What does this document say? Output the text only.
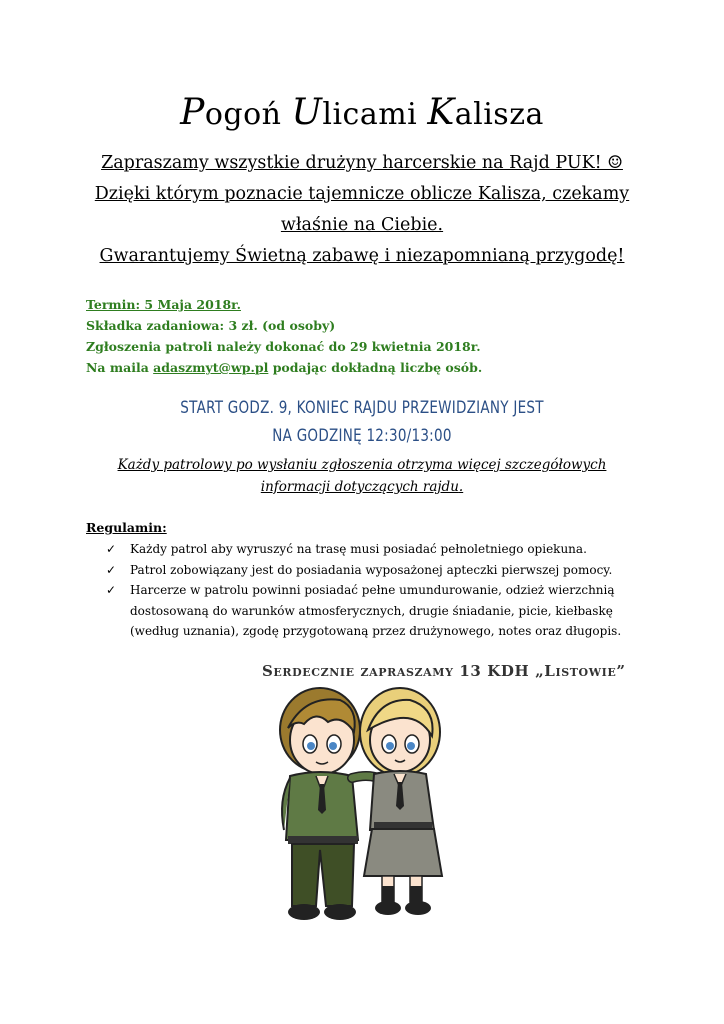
Pogoń Ulicami Kalisza
Zapraszamy wszystkie drużyny harcerskie na Rajd PUK! ☺
Dzięki którym poznacie tajemnicze oblicze Kalisza, czekamy
właśnie na Ciebie.
Gwarantujemy Świetną zabawę i niezapomnianą przygodę!
Termin: 5 Maja 2018r.
Składka zadaniowa: 3 zł. (od osoby)
Zgłoszenia patroli należy dokonać do 29 kwietnia 2018r.
Na maila adaszmyt@wp.pl podając dokładną liczbę osób.
START GODZ. 9, KONIEC RAJDU PRZEWIDZIANY JEST
NA GODZINĘ 12:30/13:00
Każdy patrolowy po wysłaniu zgłoszenia otrzyma więcej szczegółowych
informacji dotyczących rajdu.
Regulamin:
✓ Każdy patrol aby wyruszyć na trasę musi posiadać pełnoletniego opiekuna.
✓ Patrol zobowiązany jest do posiadania wyposażonej apteczki pierwszej pomocy.
✓ Harcerze w patrolu powinni posiadać pełne umundurowanie, odzież wierzchnią dostosowaną do warunków atmosferycznych, drugie śniadanie, picie, kiełbaskę (według uznania), zgodę przygotowaną przez drużynowego, notes oraz długopis.
Serdecznie zapraszamy 13 KDH „Listowie”
